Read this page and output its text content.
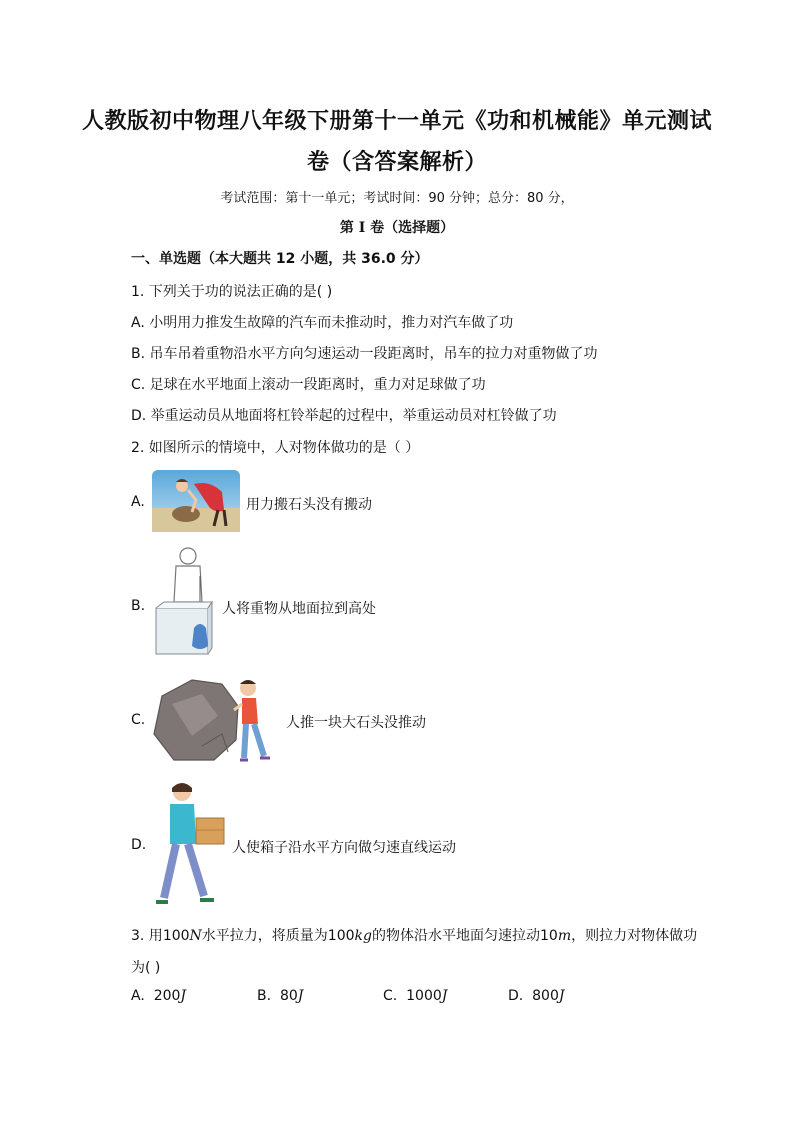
人教版初中物理八年级下册第十一单元《功和机械能》单元测试
卷（含答案解析）
考试范围：第十一单元；考试时间：90 分钟；总分：80 分，
第 I 卷（选择题）
一、单选题（本大题共 12 小题，共 36.0 分）
1. 下列关于功的说法正确的是( )
A. 小明用力推发生故障的汽车而未推动时，推力对汽车做了功
B. 吊车吊着重物沿水平方向匀速运动一段距离时，吊车的拉力对重物做了功
C. 足球在水平地面上滚动一段距离时，重力对足球做了功
D. 举重运动员从地面将杠铃举起的过程中，举重运动员对杠铃做了功
2. 如图所示的情境中，人对物体做功的是（ ）
A.	用力搬石头没有搬动
B.	人将重物从地面拉到高处
C.	人推一块大石头没推动
D.	人使箱子沿水平方向做匀速直线运动
3. 用100N水平拉力，将质量为100kg的物体沿水平地面匀速拉动10m，则拉力对物体做功
为( )
A. 200J	B. 80J	C. 1000J	D. 800J
